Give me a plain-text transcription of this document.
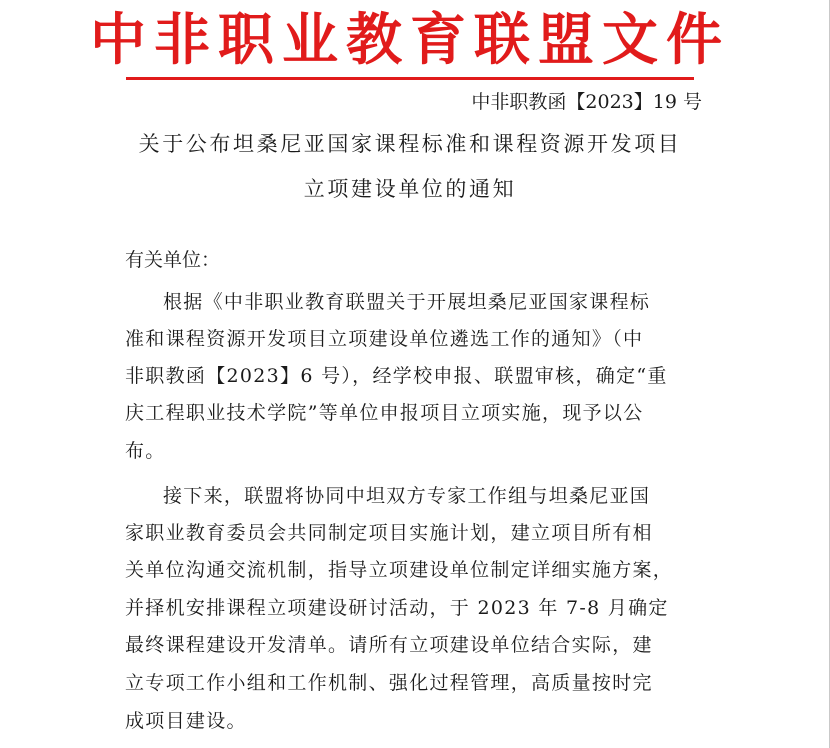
中非职业教育联盟文件
中非职教函【2023】19 号
关于公布坦桑尼亚国家课程标准和课程资源开发项目
立项建设单位的通知
有关单位：
根据《中非职业教育联盟关于开展坦桑尼亚国家课程标
准和课程资源开发项目立项建设单位遴选工作的通知》（中
非职教函【2023】6 号），经学校申报、联盟审核，确定“重
庆工程职业技术学院”等单位申报项目立项实施，现予以公
布。
接下来，联盟将协同中坦双方专家工作组与坦桑尼亚国
家职业教育委员会共同制定项目实施计划，建立项目所有相
关单位沟通交流机制，指导立项建设单位制定详细实施方案，
并择机安排课程立项建设研讨活动，于 2023 年 7-8 月确定
最终课程建设开发清单。请所有立项建设单位结合实际，建
立专项工作小组和工作机制、强化过程管理，高质量按时完
成项目建设。
